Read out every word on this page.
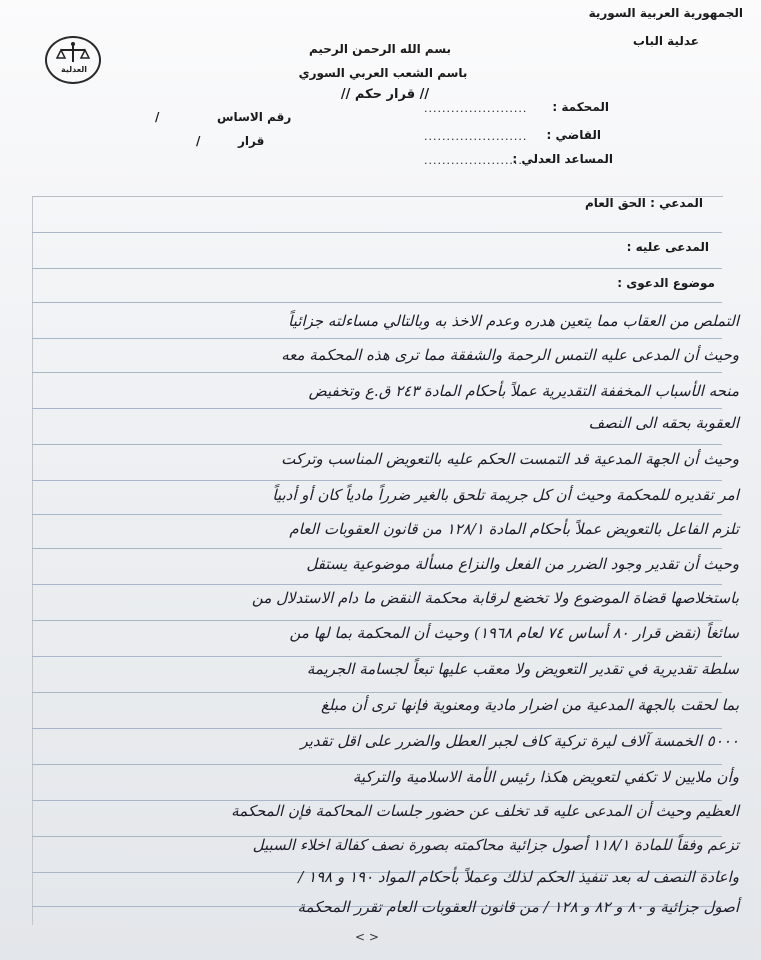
الجمهورية العربية السورية
عدلية الباب
بسم الله الرحمن الرحيم
باسم الشعب العربي السوري
// قرار حكم //
العدلية
المحكمة :
.......................
القاضي :
.......................
المساعد العدلي :
.......................
رقم الاساس
/
قرار
/
المدعي : الحق العام
المدعى عليه :
موضوع الدعوى :
التملص من العقاب مما يتعين هدره وعدم الاخذ به وبالتالي مساءلته جزائياً
وحيث أن المدعى عليه التمس الرحمة والشفقة مما ترى هذه المحكمة معه
منحه الأسباب المخففة التقديرية عملاً بأحكام المادة ٢٤٣ ق.ع وتخفيض
العقوبة بحقه الى النصف
وحيث أن الجهة المدعية قد التمست الحكم عليه بالتعويض المناسب وتركت
امر تقديره للمحكمة وحيث أن كل جريمة تلحق بالغير ضرراً مادياً كان أو أدبياً
تلزم الفاعل بالتعويض عملاً بأحكام المادة ١٢٨/١ من قانون العقوبات العام
وحيث أن تقدير وجود الضرر من الفعل والنزاع مسألة موضوعية يستقل
باستخلاصها قضاة الموضوع ولا تخضع لرقابة محكمة النقض ما دام الاستدلال من
سائغاً (نقض قرار ٨٠ أساس ٧٤ لعام ١٩٦٨) وحيث أن المحكمة بما لها من
سلطة تقديرية في تقدير التعويض ولا معقب عليها تبعاً لجسامة الجريمة
بما لحقت بالجهة المدعية من اضرار مادية ومعنوية فإنها ترى أن مبلغ
٥٠٠٠ الخمسة آلاف ليرة تركية كاف لجبر العطل والضرر على اقل تقدير
وأن ملايين لا تكفي لتعويض هكذا رئيس الأمة الاسلامية والتركية
العظيم وحيث أن المدعى عليه قد تخلف عن حضور جلسات المحاكمة فإن المحكمة
تزعم وفقاً للمادة ١١٨/١ أصول جزائية محاكمته بصورة نصف كفالة اخلاء السبيل
واعادة النصف له بعد تنفيذ الحكم لذلك وعملاً بأحكام المواد ١٩٠ و ١٩٨ /
أصول جزائية و ٨٠ و ٨٢ و ١٢٨ / من قانون العقوبات العام تقرر المحكمة
< >
